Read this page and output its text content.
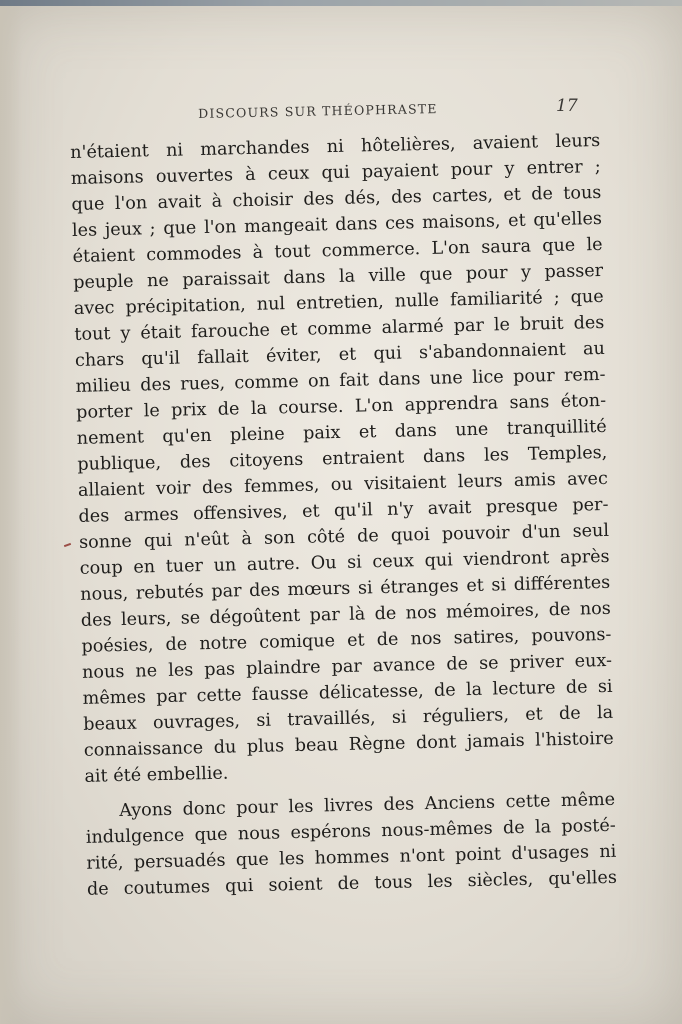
DISCOURS SUR THÉOPHRASTE	17
n'étaient ni marchandes ni hôtelières, avaient leurs
maisons ouvertes à ceux qui payaient pour y entrer ;
que l'on avait à choisir des dés, des cartes, et de tous
les jeux ; que l'on mangeait dans ces maisons, et qu'elles
étaient commodes à tout commerce. L'on saura que le
peuple ne paraissait dans la ville que pour y passer
avec précipitation, nul entretien, nulle familiarité ; que
tout y était farouche et comme alarmé par le bruit des
chars qu'il fallait éviter, et qui s'abandonnaient au
milieu des rues, comme on fait dans une lice pour rem-
porter le prix de la course. L'on apprendra sans éton-
nement qu'en pleine paix et dans une tranquillité
publique, des citoyens entraient dans les Temples,
allaient voir des femmes, ou visitaient leurs amis avec
des armes offensives, et qu'il n'y avait presque per-
sonne qui n'eût à son côté de quoi pouvoir d'un seul
coup en tuer un autre. Ou si ceux qui viendront après
nous, rebutés par des mœurs si étranges et si différentes
des leurs, se dégoûtent par là de nos mémoires, de nos
poésies, de notre comique et de nos satires, pouvons-
nous ne les pas plaindre par avance de se priver eux-
mêmes par cette fausse délicatesse, de la lecture de si
beaux ouvrages, si travaillés, si réguliers, et de la
connaissance du plus beau Règne dont jamais l'histoire
ait été embellie.
Ayons donc pour les livres des Anciens cette même
indulgence que nous espérons nous-mêmes de la posté-
rité, persuadés que les hommes n'ont point d'usages ni
de coutumes qui soient de tous les siècles, qu'elles
